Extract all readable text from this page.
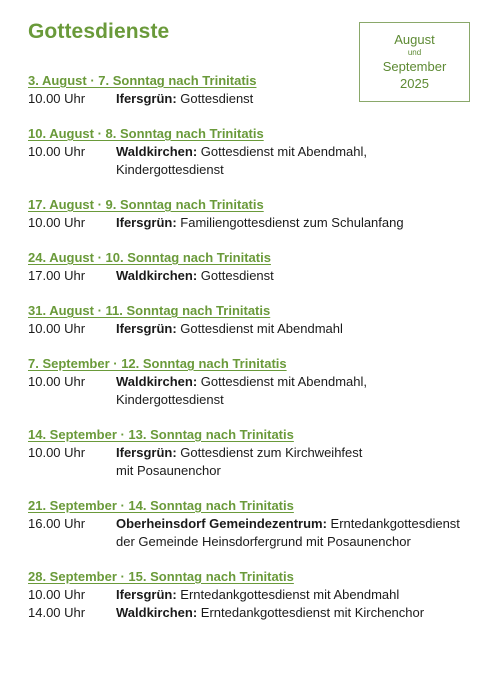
Gottesdienste	August
und
September
2025
3. August · 7. Sonntag nach Trinitatis
10.00 Uhr	Ifersgrün: Gottesdienst
10. August · 8. Sonntag nach Trinitatis
10.00 Uhr	Waldkirchen: Gottesdienst mit Abendmahl,
Kindergottesdienst
17. August · 9. Sonntag nach Trinitatis
10.00 Uhr	Ifersgrün: Familiengottesdienst zum Schulanfang
24. August · 10. Sonntag nach Trinitatis
17.00 Uhr	Waldkirchen: Gottesdienst
31. August · 11. Sonntag nach Trinitatis
10.00 Uhr	Ifersgrün: Gottesdienst mit Abendmahl
7. September · 12. Sonntag nach Trinitatis
10.00 Uhr	Waldkirchen: Gottesdienst mit Abendmahl,
Kindergottesdienst
14. September · 13. Sonntag nach Trinitatis
10.00 Uhr	Ifersgrün: Gottesdienst zum Kirchweihfest
mit Posaunenchor
21. September · 14. Sonntag nach Trinitatis
16.00 Uhr	Oberheinsdorf Gemeindezentrum: Erntedankgottesdienst
der Gemeinde Heinsdorfergrund mit Posaunenchor
28. September · 15. Sonntag nach Trinitatis
10.00 Uhr	Ifersgrün: Erntedankgottesdienst mit Abendmahl
14.00 Uhr	Waldkirchen: Erntedankgottesdienst mit Kirchenchor
